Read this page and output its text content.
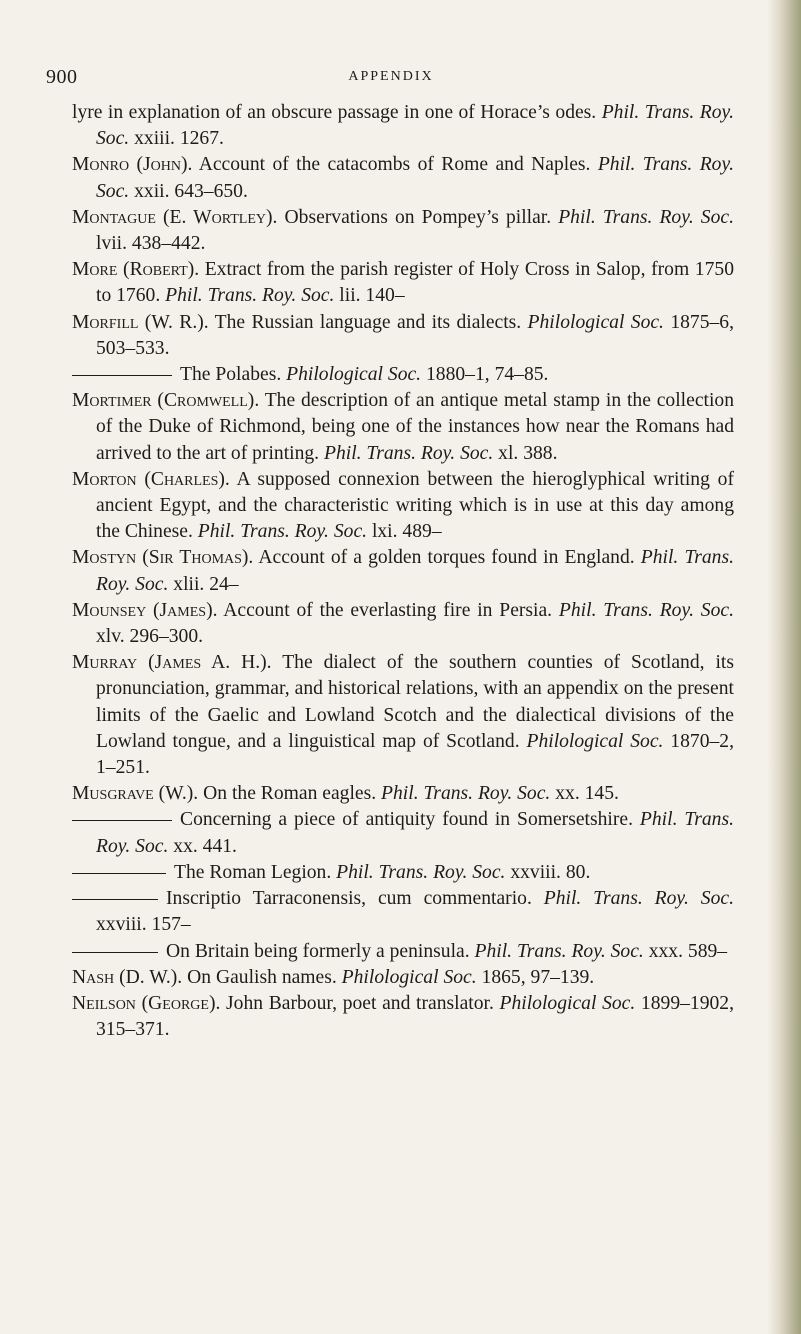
900	APPENDIX

lyre in explanation of an obscure passage in one of Horace’s odes. Phil. Trans. Roy. Soc. xxiii. 1267.

Monro (John). Account of the catacombs of Rome and Naples. Phil. Trans. Roy. Soc. xxii. 643–650.

Montague (E. Wortley). Observations on Pompey’s pillar. Phil. Trans. Roy. Soc. lvii. 438–442.

More (Robert). Extract from the parish register of Holy Cross in Salop, from 1750 to 1760. Phil. Trans. Roy. Soc. lii. 140–

Morfill (W. R.). The Russian language and its dialects. Philological Soc. 1875–6, 503–533.

The Polabes. Philological Soc. 1880–1, 74–85.

Mortimer (Cromwell). The description of an antique metal stamp in the collection of the Duke of Richmond, being one of the instances how near the Romans had arrived to the art of printing. Phil. Trans. Roy. Soc. xl. 388.

Morton (Charles). A supposed connexion between the hieroglyphical writing of ancient Egypt, and the characteristic writing which is in use at this day among the Chinese. Phil. Trans. Roy. Soc. lxi. 489–

Mostyn (Sir Thomas). Account of a golden torques found in England. Phil. Trans. Roy. Soc. xlii. 24–

Mounsey (James). Account of the everlasting fire in Persia. Phil. Trans. Roy. Soc. xlv. 296–300.

Murray (James A. H.). The dialect of the southern counties of Scotland, its pronunciation, grammar, and historical relations, with an appendix on the present limits of the Gaelic and Lowland Scotch and the dialectical divisions of the Lowland tongue, and a linguistical map of Scotland. Philological Soc. 1870–2, 1–251.

Musgrave (W.). On the Roman eagles. Phil. Trans. Roy. Soc. xx. 145.

Concerning a piece of antiquity found in Somersetshire. Phil. Trans. Roy. Soc. xx. 441.

The Roman Legion. Phil. Trans. Roy. Soc. xxviii. 80.

Inscriptio Tarraconensis, cum commentario. Phil. Trans. Roy. Soc. xxviii. 157–

On Britain being formerly a peninsula. Phil. Trans. Roy. Soc. xxx. 589–

Nash (D. W.). On Gaulish names. Philological Soc. 1865, 97–139.

Neilson (George). John Barbour, poet and translator. Philological Soc. 1899–1902, 315–371.
